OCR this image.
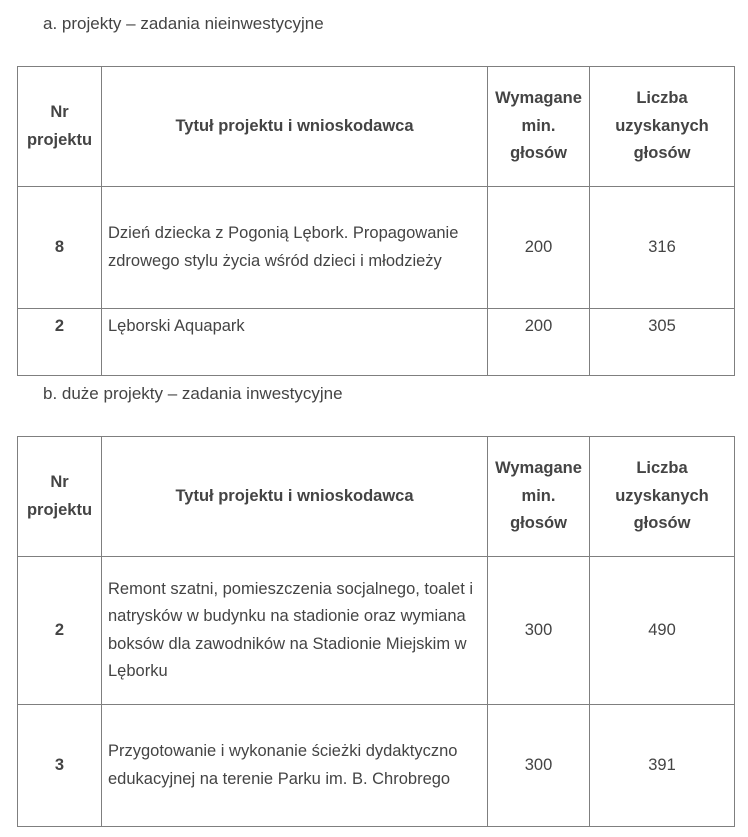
a. projekty – zadania nieinwestycyjne

Nr projektu	Tytuł projektu i wnioskodawca	Wymagane min. głosów	Liczba uzyskanych głosów
8	Dzień dziecka z Pogonią Lębork. Propagowanie zdrowego stylu życia wśród dzieci i młodzieży	200	316
2	Lęborski Aquapark	200	305

b. duże projekty – zadania inwestycyjne

Nr projektu	Tytuł projektu i wnioskodawca	Wymagane min. głosów	Liczba uzyskanych głosów
2	Remont szatni, pomieszczenia socjalnego, toalet i natrysków w budynku na stadionie oraz wymiana boksów dla zawodników na Stadionie Miejskim w Lęborku	300	490
3	Przygotowanie i wykonanie ścieżki dydaktyczno edukacyjnej na terenie Parku im. B. Chrobrego	300	391
